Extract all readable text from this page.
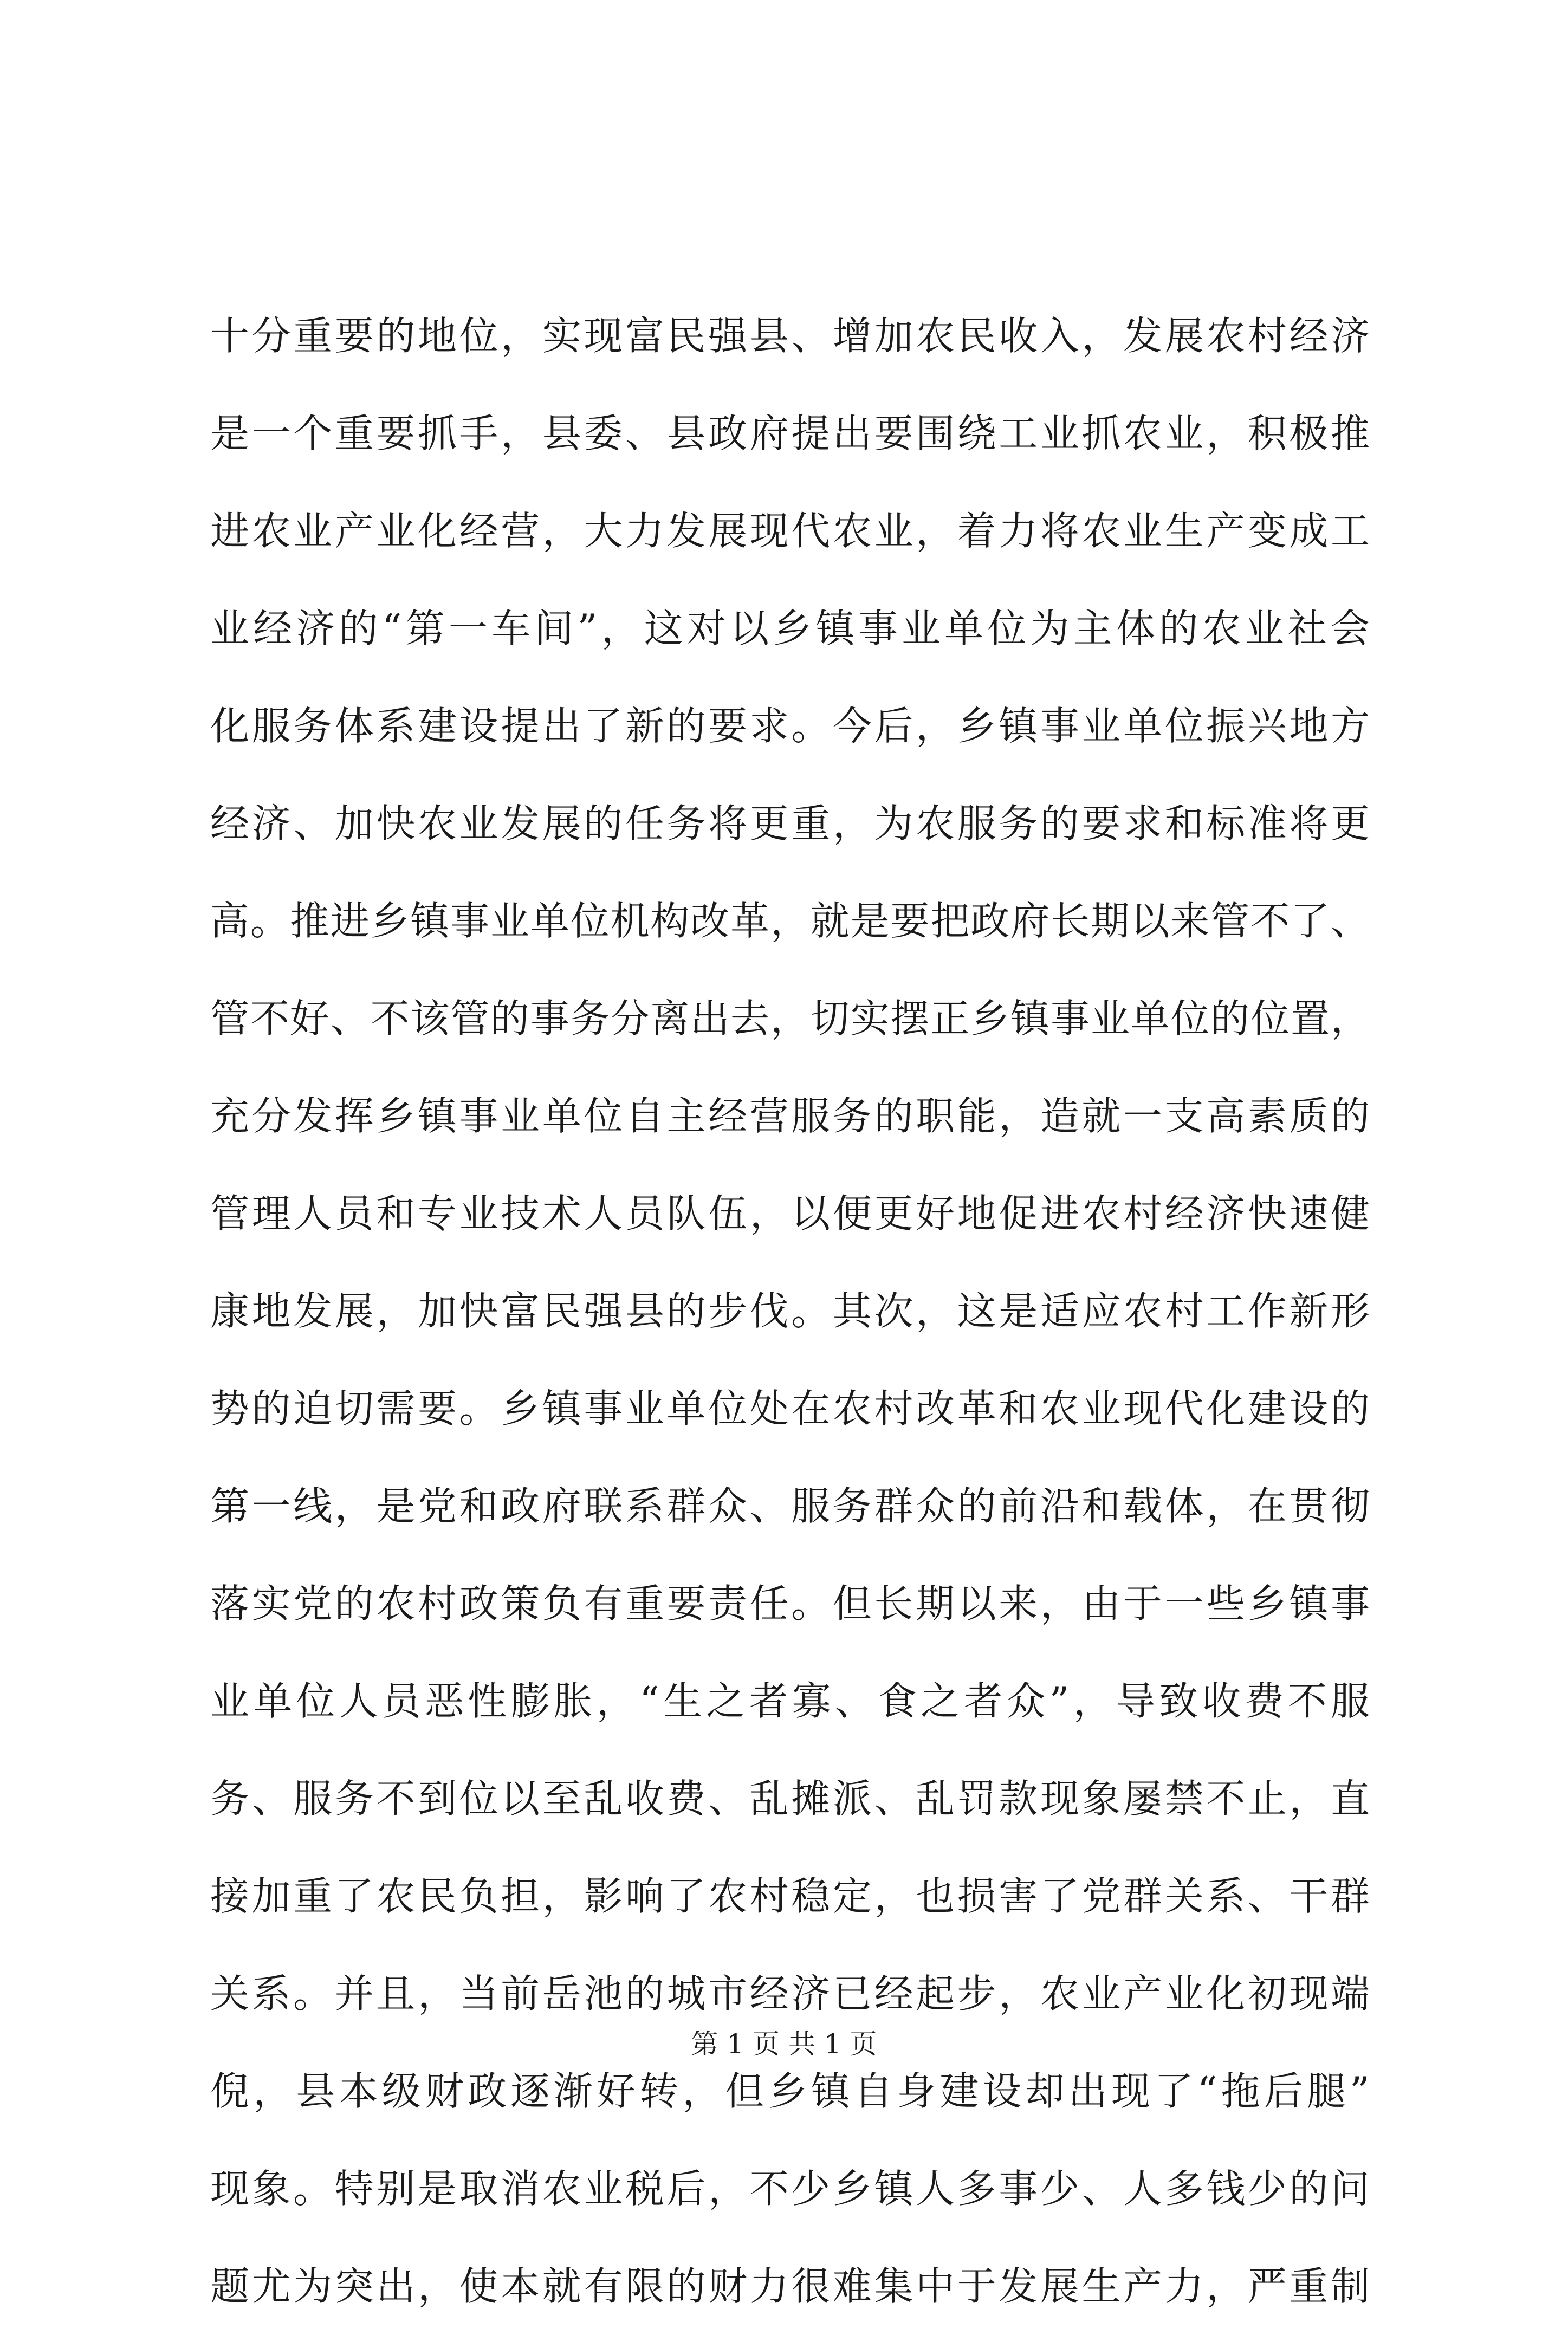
十分重要的地位，实现富民强县、增加农民收入，发展农村经济
是一个重要抓手，县委、县政府提出要围绕工业抓农业，积极推
进农业产业化经营，大力发展现代农业，着力将农业生产变成工
业经济的“第一车间”，这对以乡镇事业单位为主体的农业社会
化服务体系建设提出了新的要求。今后，乡镇事业单位振兴地方
经济、加快农业发展的任务将更重，为农服务的要求和标准将更
高。推进乡镇事业单位机构改革，就是要把政府长期以来管不了、
管不好、不该管的事务分离出去，切实摆正乡镇事业单位的位置，
充分发挥乡镇事业单位自主经营服务的职能，造就一支高素质的
管理人员和专业技术人员队伍，以便更好地促进农村经济快速健
康地发展，加快富民强县的步伐。其次，这是适应农村工作新形
势的迫切需要。乡镇事业单位处在农村改革和农业现代化建设的
第一线，是党和政府联系群众、服务群众的前沿和载体，在贯彻
落实党的农村政策负有重要责任。但长期以来，由于一些乡镇事
业单位人员恶性膨胀，“生之者寡、食之者众”，导致收费不服
务、服务不到位以至乱收费、乱摊派、乱罚款现象屡禁不止，直
接加重了农民负担，影响了农村稳定，也损害了党群关系、干群
关系。并且，当前岳池的城市经济已经起步，农业产业化初现端
倪，县本级财政逐渐好转，但乡镇自身建设却出现了“拖后腿”
现象。特别是取消农业税后，不少乡镇人多事少、人多钱少的问
题尤为突出，使本就有限的财力很难集中于发展生产力，严重制
第 1 页 共 1 页
